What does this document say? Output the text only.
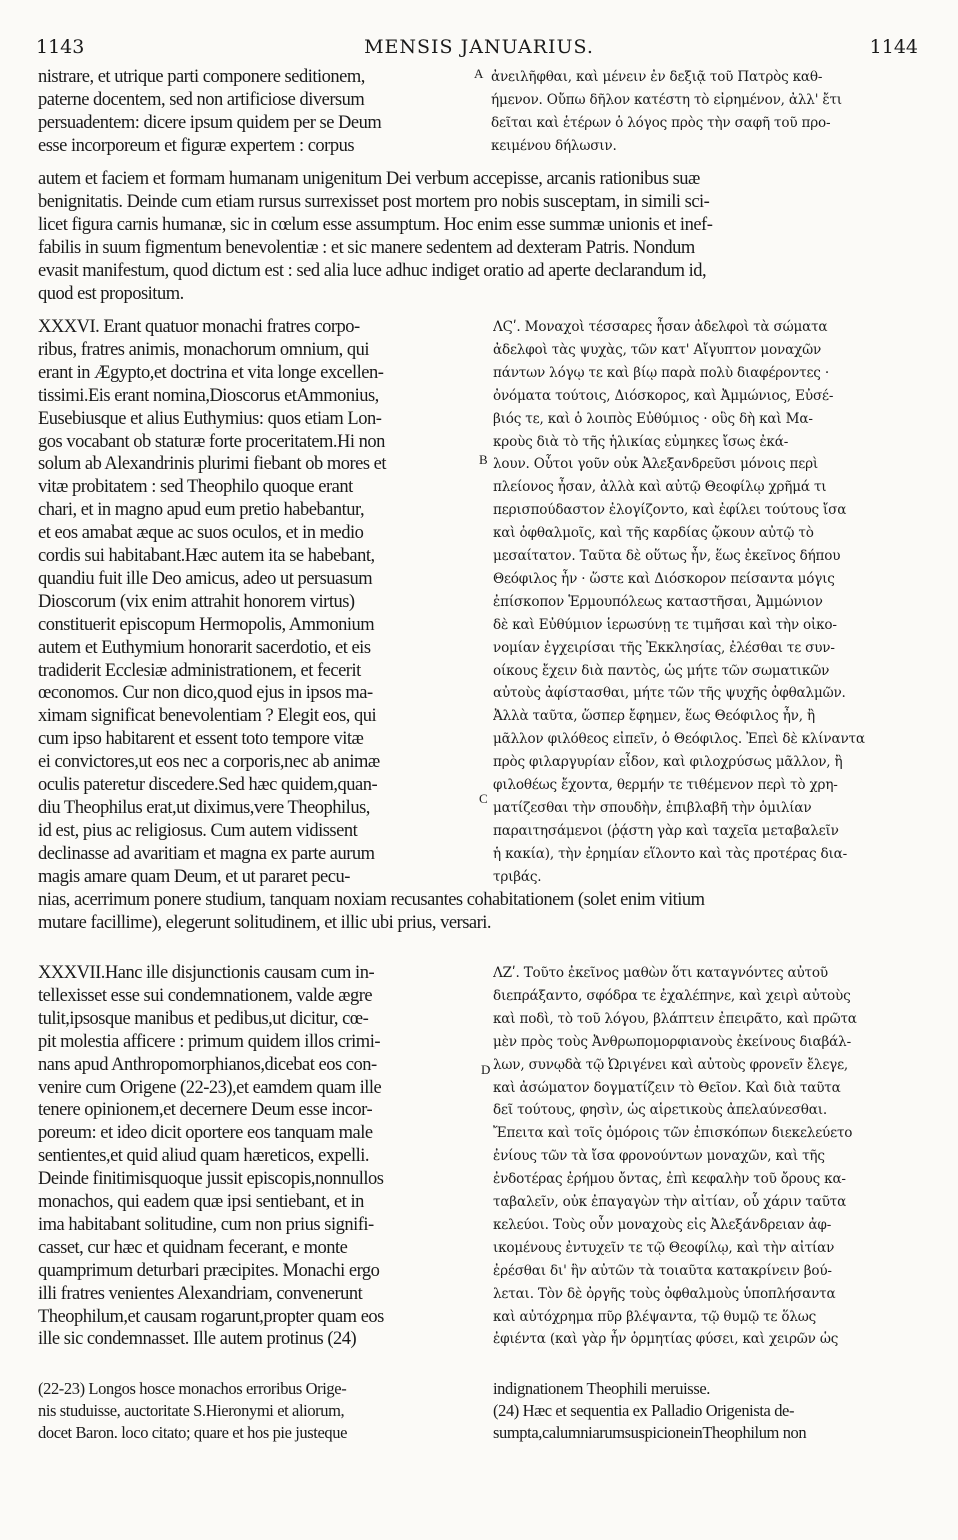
1143	MENSIS JANUARIUS.	1144
A
B
C
D
nistrare, et utrique parti componere seditionem,
paterne docentem, sed non artificiose diversum
persuadentem: dicere ipsum quidem per se Deum
esse incorporeum et figuræ expertem : corpus
ἀνειλῆφθαι, καὶ μένειν ἐν δεξιᾷ τοῦ Πατρὸς καθ-
ήμενον. Οὔπω δῆλον κατέστη τὸ εἰρημένον, ἀλλ' ἔτι
δεῖται καὶ ἑτέρων ὁ λόγος πρὸς τὴν σαφῆ τοῦ προ-
κειμένου δήλωσιν.
autem et faciem et formam humanam unigenitum Dei verbum accepisse, arcanis rationibus suæ
benignitatis. Deinde cum etiam rursus surrexisset post mortem pro nobis susceptam, in simili sci-
licet figura carnis humanæ, sic in cœlum esse assumptum. Hoc enim esse summæ unionis et inef-
fabilis in suum figmentum benevolentiæ : et sic manere sedentem ad dexteram Patris. Nondum
evasit manifestum, quod dictum est : sed alia luce adhuc indiget oratio ad aperte declarandum id,
quod est propositum.
XXXVI. Erant quatuor monachi fratres corpo-
ribus, fratres animis, monachorum omnium, qui
erant in Ægypto,et doctrina et vita longe excellen-
tissimi.Eis erant nomina,Dioscorus etAmmonius,
Eusebiusque et alius Euthymius: quos etiam Lon-
gos vocabant ob staturæ forte proceritatem.Hi non
solum ab Alexandrinis plurimi fiebant ob mores et
vitæ probitatem : sed Theophilo quoque erant
chari, et in magno apud eum pretio habebantur,
et eos amabat æque ac suos oculos, et in medio
cordis sui habitabant.Hæc autem ita se habebant,
quandiu fuit ille Deo amicus, adeo ut persuasum
Dioscorum (vix enim attrahit honorem virtus)
constituerit episcopum Hermopolis, Ammonium
autem et Euthymium honorarit sacerdotio, et eis
tradiderit Ecclesiæ administrationem, et fecerit
œconomos. Cur non dico,quod ejus in ipsos ma-
ximam significat benevolentiam ? Elegit eos, qui
cum ipso habitarent et essent toto tempore vitæ
ei convictores,ut eos nec a corporis,nec ab animæ
oculis pateretur discedere.Sed hæc quidem,quan-
diu Theophilus erat,ut diximus,vere Theophilus,
id est, pius ac religiosus. Cum autem vidissent
declinasse ad avaritiam et magna ex parte aurum
magis amare quam Deum, et ut pararet pecu-
ΛϚʹ. Μοναχοὶ τέσσαρες ἦσαν ἀδελφοὶ τὰ σώματα
ἀδελφοὶ τὰς ψυχὰς, τῶν κατ' Αἴγυπτον μοναχῶν
πάντων λόγῳ τε καὶ βίῳ παρὰ πολὺ διαφέροντες ·
ὀνόματα τούτοις, Διόσκορος, καὶ Ἀμμώνιος, Εὐσέ-
βιός τε, καὶ ὁ λοιπὸς Εὐθύμιος · οὓς δὴ καὶ Μα-
κροὺς διὰ τὸ τῆς ἡλικίας εὐμηκες ἴσως ἐκά-
λουν. Οὗτοι γοῦν οὐκ Ἀλεξανδρεῦσι μόνοις περὶ
πλείονος ἦσαν, ἀλλὰ καὶ αὐτῷ Θεοφίλῳ χρῆμά τι
περισπούδαστον ἐλογίζοντο, καὶ ἐφίλει τούτους ἴσα
καὶ ὀφθαλμοῖς, καὶ τῆς καρδίας ᾤκουν αὐτῷ τὸ
μεσαίτατον. Ταῦτα δὲ οὕτως ἦν, ἕως ἐκεῖνος δήπου
Θεόφιλος ἦν · ὥστε καὶ Διόσκορον πείσαντα μόγις
ἐπίσκοπον Ἑρμουπόλεως καταστῆσαι, Ἀμμώνιον
δὲ καὶ Εὐθύμιον ἱερωσύνῃ τε τιμῆσαι καὶ τὴν οἰκο-
νομίαν ἐγχειρίσαι τῆς Ἐκκλησίας, ἐλέσθαι τε συν-
οίκους ἔχειν διὰ παντὸς, ὡς μήτε τῶν σωματικῶν
αὐτοὺς ἀφίστασθαι, μήτε τῶν τῆς ψυχῆς ὀφθαλμῶν.
Ἀλλὰ ταῦτα, ὥσπερ ἔφημεν, ἕως Θεόφιλος ἦν, ἢ
μᾶλλον φιλόθεος εἰπεῖν, ὁ Θεόφιλος. Ἐπεὶ δὲ κλίναντα
πρὸς φιλαργυρίαν εἶδον, καὶ φιλοχρύσως μᾶλλον, ἢ
φιλοθέως ἔχοντα, θερμήν τε τιθέμενον περὶ τὸ χρη-
ματίζεσθαι τὴν σπουδὴν, ἐπιβλαβῆ τὴν ὁμιλίαν
παραιτησάμενοι (ῥᾴστη γὰρ καὶ ταχεῖα μεταβαλεῖν
ἡ κακία), τὴν ἐρημίαν εἵλοντο καὶ τὰς προτέρας δια-
τριβάς.
nias, acerrimum ponere studium, tanquam noxiam recusantes cohabitationem (solet enim vitium
mutare facillime), elegerunt solitudinem, et illic ubi prius, versari.
XXXVII.Hanc ille disjunctionis causam cum in-
tellexisset esse sui condemnationem, valde ægre
tulit,ipsosque manibus et pedibus,ut dicitur, cœ-
pit molestia afficere : primum quidem illos crimi-
nans apud Anthropomorphianos,dicebat eos con-
venire cum Origene (22-23),et eamdem quam ille
tenere opinionem,et decernere Deum esse incor-
poreum: et ideo dicit oportere eos tanquam male
sentientes,et quid aliud quam hæreticos, expelli.
Deinde finitimisquoque jussit episcopis,nonnullos
monachos, qui eadem quæ ipsi sentiebant, et in
ima habitabant solitudine, cum non prius signifi-
casset, cur hæc et quidnam fecerant, e monte
quamprimum deturbari præcipites. Monachi ergo
illi fratres venientes Alexandriam, convenerunt
Theophilum,et causam rogarunt,propter quam eos
ille sic condemnasset. Ille autem protinus (24)
ΛΖʹ. Τοῦτο ἐκεῖνος μαθὼν ὅτι καταγνόντες αὐτοῦ
διεπράξαντο, σφόδρα τε ἐχαλέπηνε, καὶ χειρὶ αὐτοὺς
καὶ ποδὶ, τὸ τοῦ λόγου, βλάπτειν ἐπειρᾶτο, καὶ πρῶτα
μὲν πρὸς τοὺς Ἀνθρωπομορφιανοὺς ἐκείνους διαβάλ-
λων, συνῳδὰ τῷ Ὠριγένει καὶ αὐτοὺς φρονεῖν ἔλεγε,
καὶ ἀσώματον δογματίζειν τὸ Θεῖον. Καὶ διὰ ταῦτα
δεῖ τούτους, φησὶν, ὡς αἱρετικοὺς ἀπελαύνεσθαι.
Ἔπειτα καὶ τοῖς ὁμόροις τῶν ἐπισκόπων διεκελεύετο
ἐνίους τῶν τὰ ἴσα φρονούντων μοναχῶν, καὶ τῆς
ἐνδοτέρας ἐρήμου ὄντας, ἐπὶ κεφαλὴν τοῦ ὄρους κα-
ταβαλεῖν, οὐκ ἐπαγαγὼν τὴν αἰτίαν, οὗ χάριν ταῦτα
κελεύοι. Τοὺς οὖν μοναχοὺς εἰς Ἀλεξάνδρειαν ἀφ-
ικομένους ἐντυχεῖν τε τῷ Θεοφίλῳ, καὶ τὴν αἰτίαν
ἐρέσθαι δι' ἣν αὐτῶν τὰ τοιαῦτα κατακρίνειν βού-
λεται. Τὸν δὲ ὀργῆς τοὺς ὀφθαλμοὺς ὑποπλήσαντα
καὶ αὐτόχρημα πῦρ βλέψαντα, τῷ θυμῷ τε ὅλως
ἐφιέντα (καὶ γὰρ ἦν ὁρμητίας φύσει, καὶ χειρῶν ὡς
(22-23) Longos hosce monachos erroribus Orige-
nis studuisse, auctoritate S.Hieronymi et aliorum,
docet Baron. loco citato; quare et hos pie justeque
indignationem Theophili meruisse.
(24) Hæc et sequentia ex Palladio Origenista de-
sumpta,calumniarumsuspicioneinTheophilum non
